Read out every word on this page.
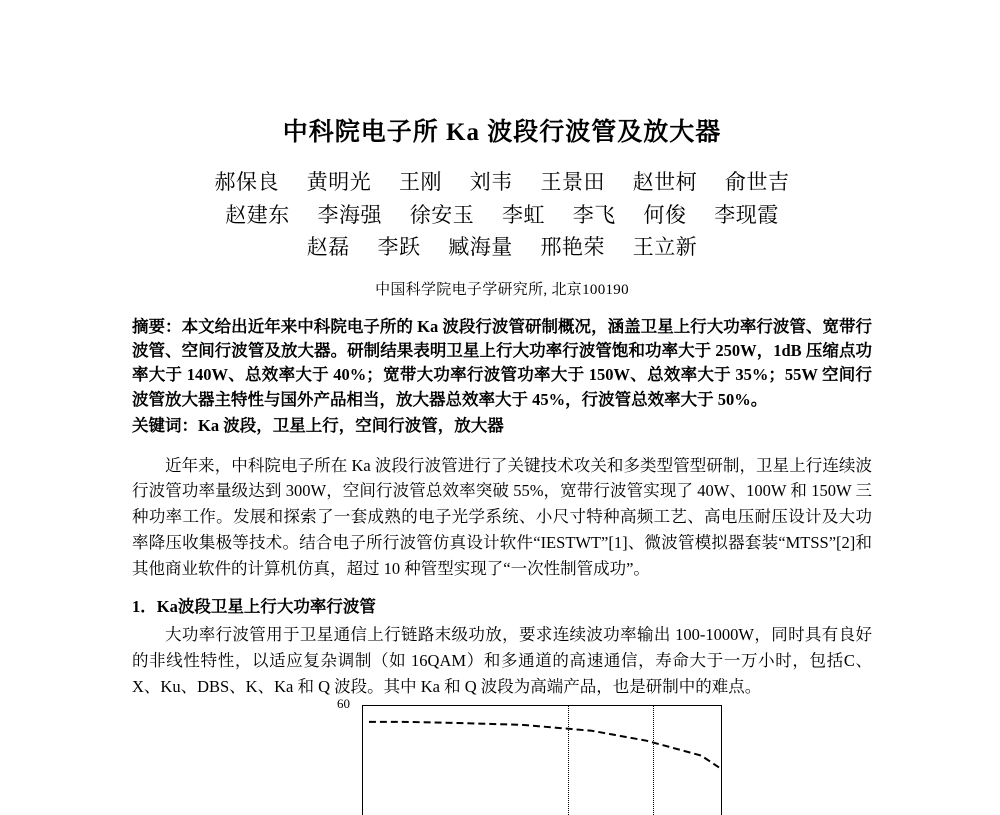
中科院电子所 Ka 波段行波管及放大器
郝保良 黄明光 王刚 刘韦 王景田 赵世柯 俞世吉
赵建东 李海强 徐安玉 李虹 李飞 何俊 李现霞
赵磊 李跃 臧海量 邢艳荣 王立新
中国科学院电子学研究所, 北京100190
摘要：本文给出近年来中科院电子所的 Ka 波段行波管研制概况，涵盖卫星上行大功率行波管、宽带行波管、空间行波管及放大器。研制结果表明卫星上行大功率行波管饱和功率大于 250W，1dB 压缩点功率大于 140W、总效率大于 40%；宽带大功率行波管功率大于 150W、总效率大于 35%；55W 空间行波管放大器主特性与国外产品相当，放大器总效率大于 45%，行波管总效率大于 50%。
关键词：Ka 波段，卫星上行，空间行波管，放大器
近年来，中科院电子所在 Ka 波段行波管进行了关键技术攻关和多类型管型研制，卫星上行连续波行波管功率量级达到 300W，空间行波管总效率突破 55%，宽带行波管实现了 40W、100W 和 150W 三种功率工作。发展和探索了一套成熟的电子光学系统、小尺寸特种高频工艺、高电压耐压设计及大功率降压收集极等技术。结合电子所行波管仿真设计软件“IESTWT”[1]、微波管模拟器套装“MTSS”[2]和其他商业软件的计算机仿真，超过 10 种管型实现了“一次性制管成功”。
1．Ka波段卫星上行大功率行波管
大功率行波管用于卫星通信上行链路末级功放，要求连续波功率输出 100-1000W，同时具有良好的非线性特性，以适应复杂调制（如 16QAM）和多通道的高速通信，寿命大于一万小时，包括C、X、Ku、DBS、K、Ka 和 Q 波段。其中 Ka 和 Q 波段为高端产品，也是研制中的难点。
60
